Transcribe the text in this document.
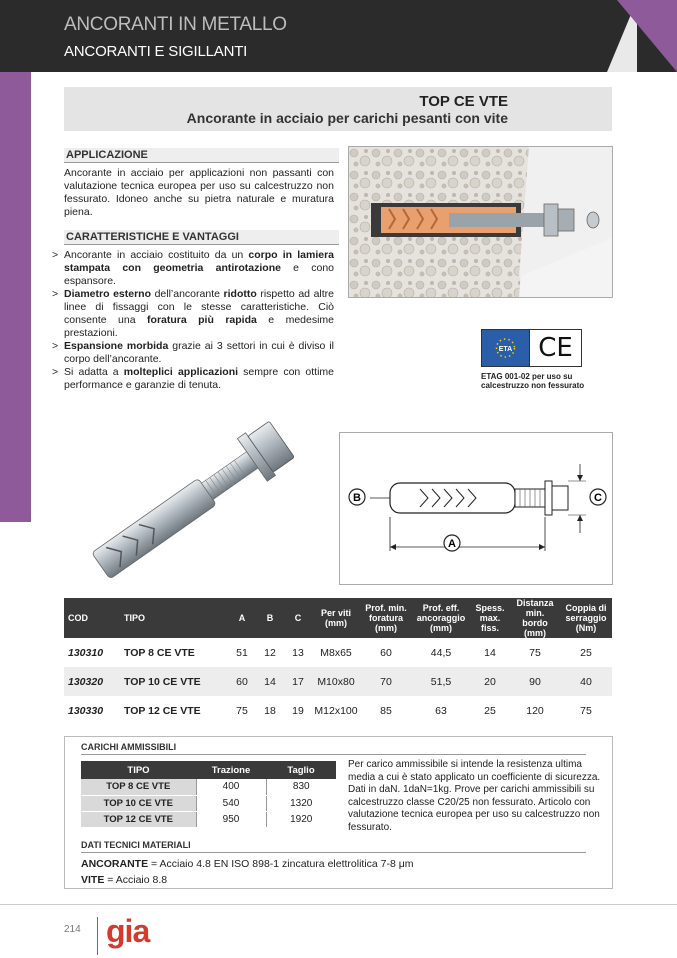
ANCORANTI IN METALLO
ANCORANTI E SIGILLANTI
TOP CE VTE
Ancorante in acciaio per carichi pesanti con vite
APPLICAZIONE
Ancorante in acciaio per applicazioni non passanti con valutazione tecnica europea per uso su calcestruzzo non fessurato. Idoneo anche su pietra naturale e muratura piena.
CARATTERISTICHE E VANTAGGI
> Ancorante in acciaio costituito da un corpo in lamiera stampata con geometria antirotazione e cono espansore.
> Diametro esterno dell’ancorante ridotto rispetto ad altre linee di fissaggi con le stesse caratteristiche. Ciò consente una foratura più rapida e medesime prestazioni.
> Espansione morbida grazie ai 3 settori in cui è diviso il corpo dell’ancorante.
> Si adatta a molteplici applicazioni sempre con ottime performance e garanzie di tenuta.
ETA CE
ETAG 001-02 per uso su calcestruzzo non fessurato
B	C
A
COD	TIPO	A	B	C	Per viti (mm)	Prof. min. foratura (mm)	Prof. eff. ancoraggio (mm)	Spess. max. fiss.	Distanza min. bordo (mm)	Coppia di serraggio (Nm)
130310	TOP 8 CE VTE	51	12	13	M8x65	60	44,5	14	75	25
130320	TOP 10 CE VTE	60	14	17	M10x80	70	51,5	20	90	40
130330	TOP 12 CE VTE	75	18	19	M12x100	85	63	25	120	75
CARICHI AMMISSIBILI
TIPO	Trazione	Taglio
TOP 8 CE VTE	400	830
TOP 10 CE VTE	540	1320
TOP 12 CE VTE	950	1920
Per carico ammissibile si intende la resistenza ultima media a cui è stato applicato un coefficiente di sicurezza. Dati in daN. 1daN=1kg. Prove per carichi ammissibili su calcestruzzo classe C20/25 non fessurato. Articolo con valutazione tecnica europea per uso su calcestruzzo non fessurato.
DATI TECNICI MATERIALI
ANCORANTE = Acciaio 4.8 EN ISO 898-1 zincatura elettrolitica 7-8 μm
VITE = Acciaio 8.8
214 gia
